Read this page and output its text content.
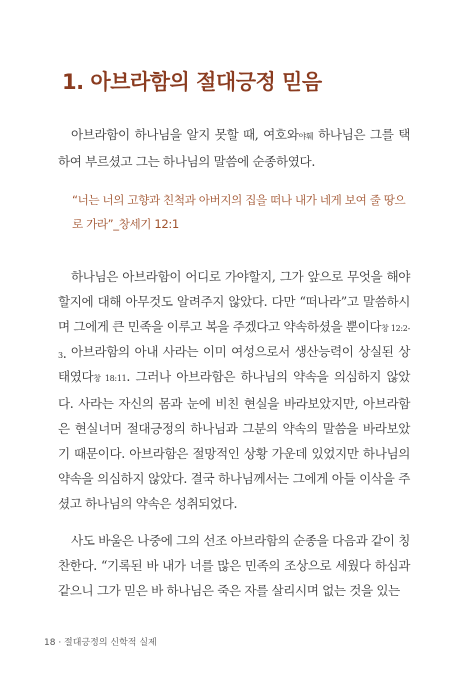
1. 아브라함의 절대긍정 믿음

아브라함이 하나님을 알지 못할 때, 여호와야훼 하나님은 그를 택하여 부르셨고 그는 하나님의 말씀에 순종하였다.

“너는 너의 고향과 친척과 아버지의 집을 떠나 내가 네게 보여 줄 땅으로 가라”_창세기 12:1

하나님은 아브라함이 어디로 가야할지, 그가 앞으로 무엇을 해야할지에 대해 아무것도 알려주지 않았다. 다만 “떠나라”고 말씀하시며 그에게 큰 민족을 이루고 복을 주겠다고 약속하셨을 뿐이다창 12:2-3. 아브라함의 아내 사라는 이미 여성으로서 생산능력이 상실된 상태였다창 18:11. 그러나 아브라함은 하나님의 약속을 의심하지 않았다. 사라는 자신의 몸과 눈에 비친 현실을 바라보았지만, 아브라함은 현실너머 절대긍정의 하나님과 그분의 약속의 말씀을 바라보았기 때문이다. 아브라함은 절망적인 상황 가운데 있었지만 하나님의 약속을 의심하지 않았다. 결국 하나님께서는 그에게 아들 이삭을 주셨고 하나님의 약속은 성취되었다.

사도 바울은 나중에 그의 선조 아브라함의 순종을 다음과 같이 칭찬한다. “기록된 바 내가 너를 많은 민족의 조상으로 세웠다 하심과 같으니 그가 믿은 바 하나님은 죽은 자를 살리시며 없는 것을 있는

18 · 절대긍정의 신학적 실제
